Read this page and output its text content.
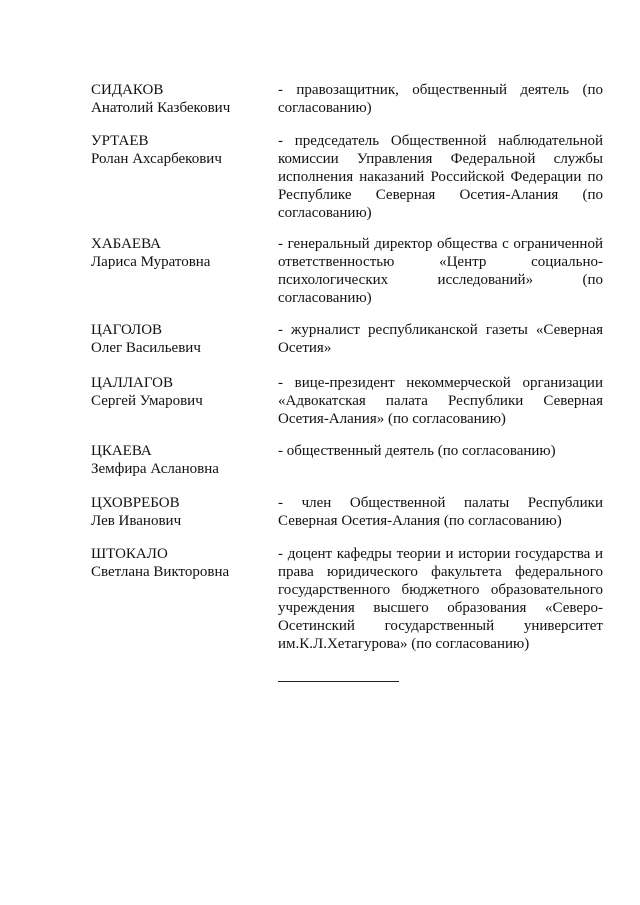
СИДАКОВ
Анатолий Казбекович
- правозащитник, общественный деятель (по согласованию)
УРТАЕВ
Ролан Ахсарбекович
- председатель Общественной наблюдательной комиссии Управления Федеральной службы исполнения наказаний Российской Федерации по Республике Северная Осетия-Алания (по согласованию)
ХАБАЕВА
Лариса Муратовна
- генеральный директор общества с ограниченной ответственностью «Центр социально-психологических исследований» (по согласованию)
ЦАГОЛОВ
Олег Васильевич
- журналист республиканской газеты «Северная Осетия»
ЦАЛЛАГОВ
Сергей Умарович
- вице-президент некоммерческой организации «Адвокатская палата Республики Северная Осетия-Алания» (по согласованию)
ЦКАЕВА
Земфира Аслановна
- общественный деятель (по согласованию)
ЦХОВРЕБОВ
Лев Иванович
- член Общественной палаты Республики Северная Осетия-Алания (по согласованию)
ШТОКАЛО
Светлана Викторовна
- доцент кафедры теории и истории государства и права юридического факультета федерального государственного бюджетного образовательного учреждения высшего образования «Северо-Осетинский государственный университет им.К.Л.Хетагурова» (по согласованию)
